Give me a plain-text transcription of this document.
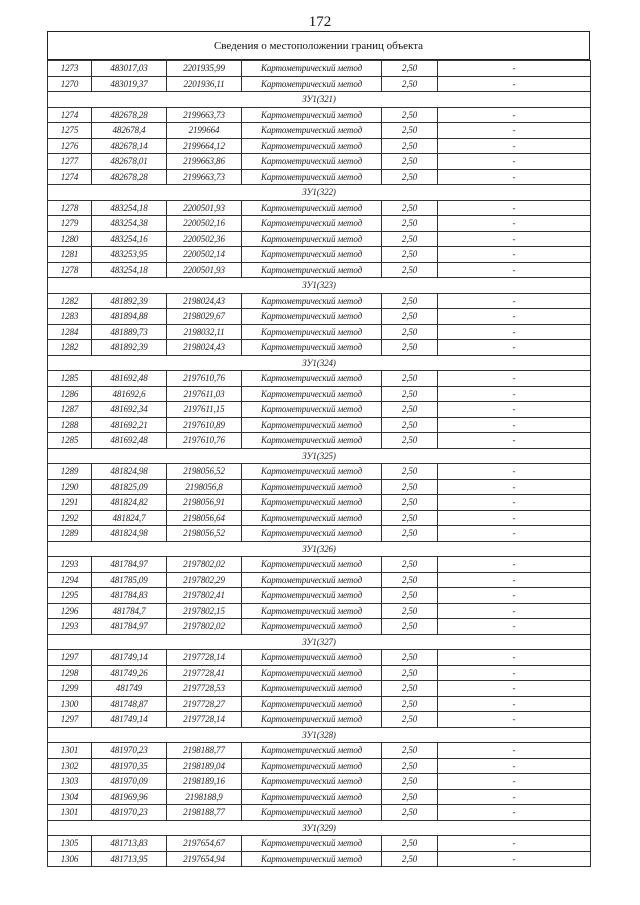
172
Сведения о местоположении границ объекта
1273	483017,03	2201935,99	Картометрический метод	2,50	-
1270	483019,37	2201936,11	Картометрический метод	2,50	-
ЗУ1(321)					
1274	482678,28	2199663,73	Картометрический метод	2,50	-
1275	482678,4	2199664	Картометрический метод	2,50	-
1276	482678,14	2199664,12	Картометрический метод	2,50	-
1277	482678,01	2199663,86	Картометрический метод	2,50	-
1274	482678,28	2199663,73	Картометрический метод	2,50	-
ЗУ1(322)					
1278	483254,18	2200501,93	Картометрический метод	2,50	-
1279	483254,38	2200502,16	Картометрический метод	2,50	-
1280	483254,16	2200502,36	Картометрический метод	2,50	-
1281	483253,95	2200502,14	Картометрический метод	2,50	-
1278	483254,18	2200501,93	Картометрический метод	2,50	-
ЗУ1(323)					
1282	481892,39	2198024,43	Картометрический метод	2,50	-
1283	481894,88	2198029,67	Картометрический метод	2,50	-
1284	481889,73	2198032,11	Картометрический метод	2,50	-
1282	481892,39	2198024,43	Картометрический метод	2,50	-
ЗУ1(324)					
1285	481692,48	2197610,76	Картометрический метод	2,50	-
1286	481692,6	2197611,03	Картометрический метод	2,50	-
1287	481692,34	2197611,15	Картометрический метод	2,50	-
1288	481692,21	2197610,89	Картометрический метод	2,50	-
1285	481692,48	2197610,76	Картометрический метод	2,50	-
ЗУ1(325)					
1289	481824,98	2198056,52	Картометрический метод	2,50	-
1290	481825,09	2198056,8	Картометрический метод	2,50	-
1291	481824,82	2198056,91	Картометрический метод	2,50	-
1292	481824,7	2198056,64	Картометрический метод	2,50	-
1289	481824,98	2198056,52	Картометрический метод	2,50	-
ЗУ1(326)					
1293	481784,97	2197802,02	Картометрический метод	2,50	-
1294	481785,09	2197802,29	Картометрический метод	2,50	-
1295	481784,83	2197802,41	Картометрический метод	2,50	-
1296	481784,7	2197802,15	Картометрический метод	2,50	-
1293	481784,97	2197802,02	Картометрический метод	2,50	-
ЗУ1(327)					
1297	481749,14	2197728,14	Картометрический метод	2,50	-
1298	481749,26	2197728,41	Картометрический метод	2,50	-
1299	481749	2197728,53	Картометрический метод	2,50	-
1300	481748,87	2197728,27	Картометрический метод	2,50	-
1297	481749,14	2197728,14	Картометрический метод	2,50	-
ЗУ1(328)					
1301	481970,23	2198188,77	Картометрический метод	2,50	-
1302	481970,35	2198189,04	Картометрический метод	2,50	-
1303	481970,09	2198189,16	Картометрический метод	2,50	-
1304	481969,96	2198188,9	Картометрический метод	2,50	-
1301	481970,23	2198188,77	Картометрический метод	2,50	-
ЗУ1(329)					
1305	481713,83	2197654,67	Картометрический метод	2,50	-
1306	481713,95	2197654,94	Картометрический метод	2,50	-
